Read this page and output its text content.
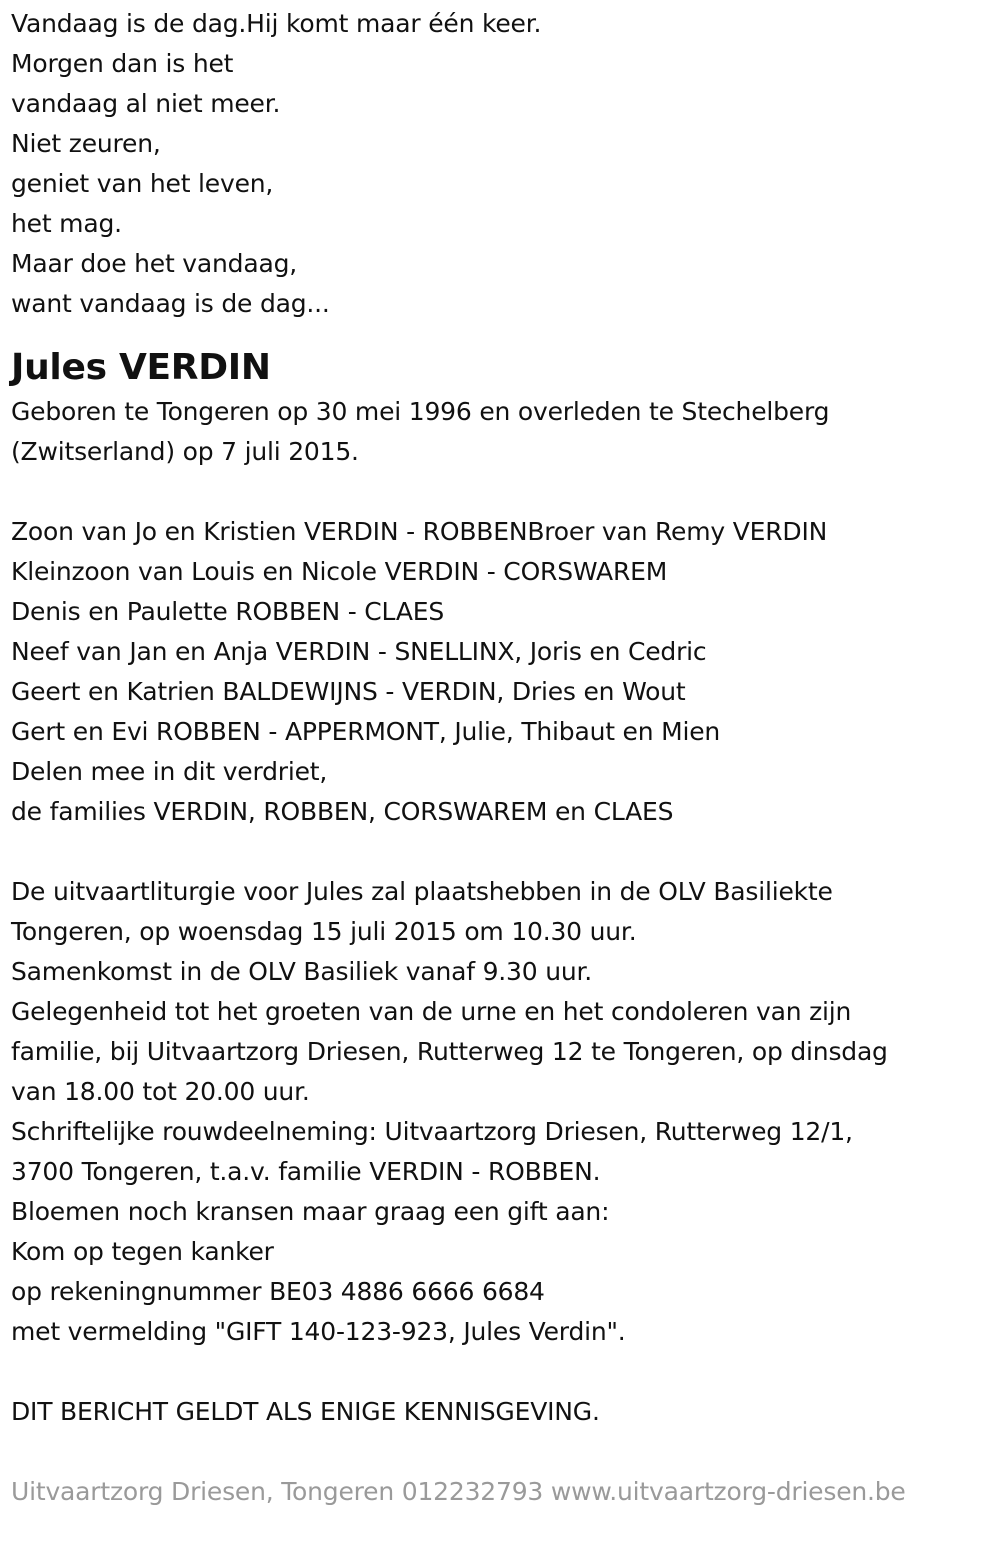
Vandaag is de dag.Hij komt maar één keer.
Morgen dan is het
vandaag al niet meer.
Niet zeuren,
geniet van het leven,
het mag.
Maar doe het vandaag,
want vandaag is de dag...
Jules VERDIN
Geboren te Tongeren op 30 mei 1996 en overleden te Stechelberg
(Zwitserland) op 7 juli 2015.
Zoon van Jo en Kristien VERDIN - ROBBENBroer van Remy VERDIN
Kleinzoon van Louis en Nicole VERDIN - CORSWAREM
Denis en Paulette ROBBEN - CLAES
Neef van Jan en Anja VERDIN - SNELLINX, Joris en Cedric
Geert en Katrien BALDEWIJNS - VERDIN, Dries en Wout
Gert en Evi ROBBEN - APPERMONT, Julie, Thibaut en Mien
Delen mee in dit verdriet,
de families VERDIN, ROBBEN, CORSWAREM en CLAES
De uitvaartliturgie voor Jules zal plaatshebben in de OLV Basiliekte
Tongeren, op woensdag 15 juli 2015 om 10.30 uur.
Samenkomst in de OLV Basiliek vanaf 9.30 uur.
Gelegenheid tot het groeten van de urne en het condoleren van zijn
familie, bij Uitvaartzorg Driesen, Rutterweg 12 te Tongeren, op dinsdag
van 18.00 tot 20.00 uur.
Schriftelijke rouwdeelneming: Uitvaartzorg Driesen, Rutterweg 12/1,
3700 Tongeren, t.a.v. familie VERDIN - ROBBEN.
Bloemen noch kransen maar graag een gift aan:
Kom op tegen kanker
op rekeningnummer BE03 4886 6666 6684
met vermelding "GIFT 140-123-923, Jules Verdin".
DIT BERICHT GELDT ALS ENIGE KENNISGEVING.
Uitvaartzorg Driesen, Tongeren 012232793 www.uitvaartzorg-driesen.be
